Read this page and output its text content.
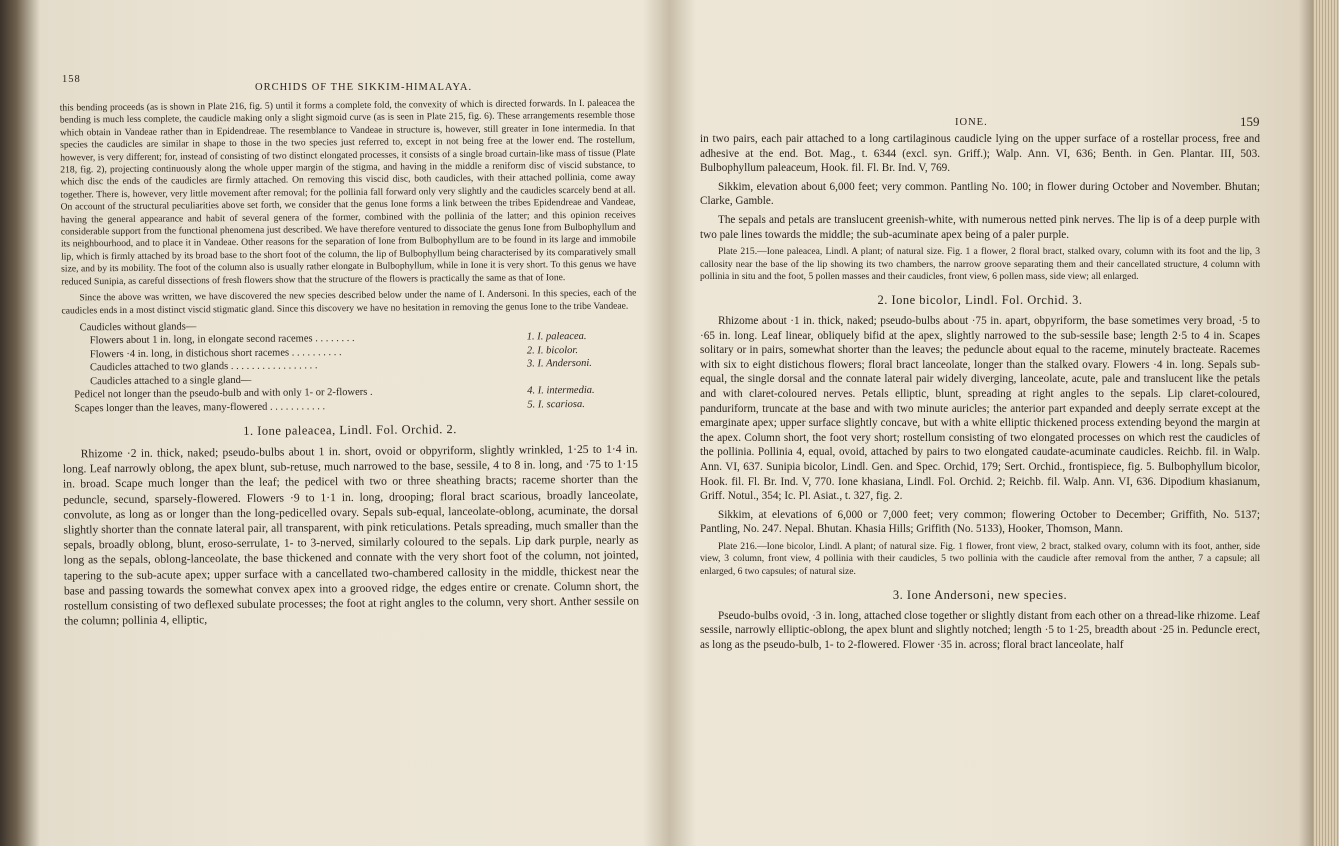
158
ORCHIDS OF THE SIKKIM-HIMALAYA.

this bending proceeds (as is shown in Plate 216, fig. 5) until it forms a complete fold, the convexity of which is directed forwards. In I. paleacea the bending is much less complete, the caudicle making only a slight sigmoid curve (as is seen in Plate 215, fig. 6). These arrangements resemble those which obtain in Vandeae rather than in Epidendreae. The resemblance to Vandeae in structure is, however, still greater in Ione intermedia. In that species the caudicles are similar in shape to those in the two species just referred to, except in not being free at the lower end. The rostellum, however, is very different; for, instead of consisting of two distinct elongated processes, it consists of a single broad curtain-like mass of tissue (Plate 218, fig. 2), projecting continuously along the whole upper margin of the stigma, and having in the middle a reniform disc of viscid substance, to which disc the ends of the caudicles are firmly attached. On removing this viscid disc, both caudicles, with their attached pollinia, come away together. There is, however, very little movement after removal; for the pollinia fall forward only very slightly and the caudicles scarcely bend at all. On account of the structural peculiarities above set forth, we consider that the genus Ione forms a link between the tribes Epidendreae and Vandeae, having the general appearance and habit of several genera of the former, combined with the pollinia of the latter; and this opinion receives considerable support from the functional phenomena just described. We have therefore ventured to dissociate the genus Ione from Bulbophyllum and its neighbourhood, and to place it in Vandeae. Other reasons for the separation of Ione from Bulbophyllum are to be found in its large and immobile lip, which is firmly attached by its broad base to the short foot of the column, the lip of Bulbophyllum being characterised by its comparatively small size, and by its mobility. The foot of the column also is usually rather elongate in Bulbophyllum, while in Ione it is very short. To this genus we have reduced Sunipia, as careful dissections of fresh flowers show that the structure of the flowers is practically the same as that of Ione.

Since the above was written, we have discovered the new species described below under the name of I. Andersoni. In this species, each of the caudicles ends in a most distinct viscid stigmatic gland. Since this discovery we have no hesitation in removing the genus Ione to the tribe Vandeae.

Caudicles without glands—
Flowers about 1 in. long, in elongate second racemes . . . . . . . .	1. I. paleacea.
Flowers ·4 in. long, in distichous short racemes . . . . . . . . . .	2. I. bicolor.
Caudicles attached to two glands . . . . . . . . . . . . . . . . .	3. I. Andersoni.
Caudicles attached to a single gland—
Pedicel not longer than the pseudo-bulb and with only 1- or 2-flowers .	4. I. intermedia.
Scapes longer than the leaves, many-flowered . . . . . . . . . . .	5. I. scariosa.
1. Ione paleacea, Lindl. Fol. Orchid. 2.

Rhizome ·2 in. thick, naked; pseudo-bulbs about 1 in. short, ovoid or obpyriform, slightly wrinkled, 1·25 to 1·4 in. long. Leaf narrowly oblong, the apex blunt, sub-retuse, much narrowed to the base, sessile, 4 to 8 in. long, and ·75 to 1·15 in. broad. Scape much longer than the leaf; the pedicel with two or three sheathing bracts; raceme shorter than the peduncle, secund, sparsely-flowered. Flowers ·9 to 1·1 in. long, drooping; floral bract scarious, broadly lanceolate, convolute, as long as or longer than the long-pedicelled ovary. Sepals sub-equal, lanceolate-oblong, acuminate, the dorsal slightly shorter than the connate lateral pair, all transparent, with pink reticulations. Petals spreading, much smaller than the sepals, broadly oblong, blunt, eroso-serrulate, 1- to 3-nerved, similarly coloured to the sepals. Lip dark purple, nearly as long as the sepals, oblong-lanceolate, the base thickened and connate with the very short foot of the column, not jointed, tapering to the sub-acute apex; upper surface with a cancellated two-chambered callosity in the middle, thickest near the base and passing towards the somewhat convex apex into a grooved ridge, the edges entire or crenate. Column short, the rostellum consisting of two deflexed subulate processes; the foot at right angles to the column, very short. Anther sessile on the column; pollinia 4, elliptic,

IONE.	159

in two pairs, each pair attached to a long cartilaginous caudicle lying on the upper surface of a rostellar process, free and adhesive at the end. Bot. Mag., t. 6344 (excl. syn. Griff.); Walp. Ann. VI, 636; Benth. in Gen. Plantar. III, 503. Bulbophyllum paleaceum, Hook. fil. Fl. Br. Ind. V, 769.

Sikkim, elevation about 6,000 feet; very common. Pantling No. 100; in flower during October and November. Bhutan; Clarke, Gamble.

The sepals and petals are translucent greenish-white, with numerous netted pink nerves. The lip is of a deep purple with two pale lines towards the middle; the sub-acuminate apex being of a paler purple.

Plate 215.—Ione paleacea, Lindl. A plant; of natural size. Fig. 1 a flower, 2 floral bract, stalked ovary, column with its foot and the lip, 3 callosity near the base of the lip showing its two chambers, the narrow groove separating them and their cancellated structure, 4 column with pollinia in situ and the foot, 5 pollen masses and their caudicles, front view, 6 pollen mass, side view; all enlarged.

2. Ione bicolor, Lindl. Fol. Orchid. 3.

Rhizome about ·1 in. thick, naked; pseudo-bulbs about ·75 in. apart, obpyriform, the base sometimes very broad, ·5 to ·65 in. long. Leaf linear, obliquely bifid at the apex, slightly narrowed to the sub-sessile base; length 2·5 to 4 in. Scapes solitary or in pairs, somewhat shorter than the leaves; the peduncle about equal to the raceme, minutely bracteate. Racemes with six to eight distichous flowers; floral bract lanceolate, longer than the stalked ovary. Flowers ·4 in. long. Sepals sub-equal, the single dorsal and the connate lateral pair widely diverging, lanceolate, acute, pale and translucent like the petals and with claret-coloured nerves. Petals elliptic, blunt, spreading at right angles to the sepals. Lip claret-coloured, panduriform, truncate at the base and with two minute auricles; the anterior part expanded and deeply serrate except at the emarginate apex; upper surface slightly concave, but with a white elliptic thickened process extending beyond the margin at the apex. Column short, the foot very short; rostellum consisting of two elongated processes on which rest the caudicles of the pollinia. Pollinia 4, equal, ovoid, attached by pairs to two elongated caudate-acuminate caudicles. Reichb. fil. in Walp. Ann. VI, 637. Sunipia bicolor, Lindl. Gen. and Spec. Orchid, 179; Sert. Orchid., frontispiece, fig. 5. Bulbophyllum bicolor, Hook. fil. Fl. Br. Ind. V, 770. Ione khasiana, Lindl. Fol. Orchid. 2; Reichb. fil. Walp. Ann. VI, 636. Dipodium khasianum, Griff. Notul., 354; Ic. Pl. Asiat., t. 327, fig. 2.

Sikkim, at elevations of 6,000 or 7,000 feet; very common; flowering October to December; Griffith, No. 5137; Pantling, No. 247. Nepal. Bhutan. Khasia Hills; Griffith (No. 5133), Hooker, Thomson, Mann.

Plate 216.—Ione bicolor, Lindl. A plant; of natural size. Fig. 1 flower, front view, 2 bract, stalked ovary, column with its foot, anther, side view, 3 column, front view, 4 pollinia with their caudicles, 5 two pollinia with the caudicle after removal from the anther, 7 a capsule; all enlarged, 6 two capsules; of natural size.

3. Ione Andersoni, new species.

Pseudo-bulbs ovoid, ·3 in. long, attached close together or slightly distant from each other on a thread-like rhizome. Leaf sessile, narrowly elliptic-oblong, the apex blunt and slightly notched; length ·5 to 1·25, breadth about ·25 in. Peduncle erect, as long as the pseudo-bulb, 1- to 2-flowered. Flower ·35 in. across; floral bract lanceolate, half
